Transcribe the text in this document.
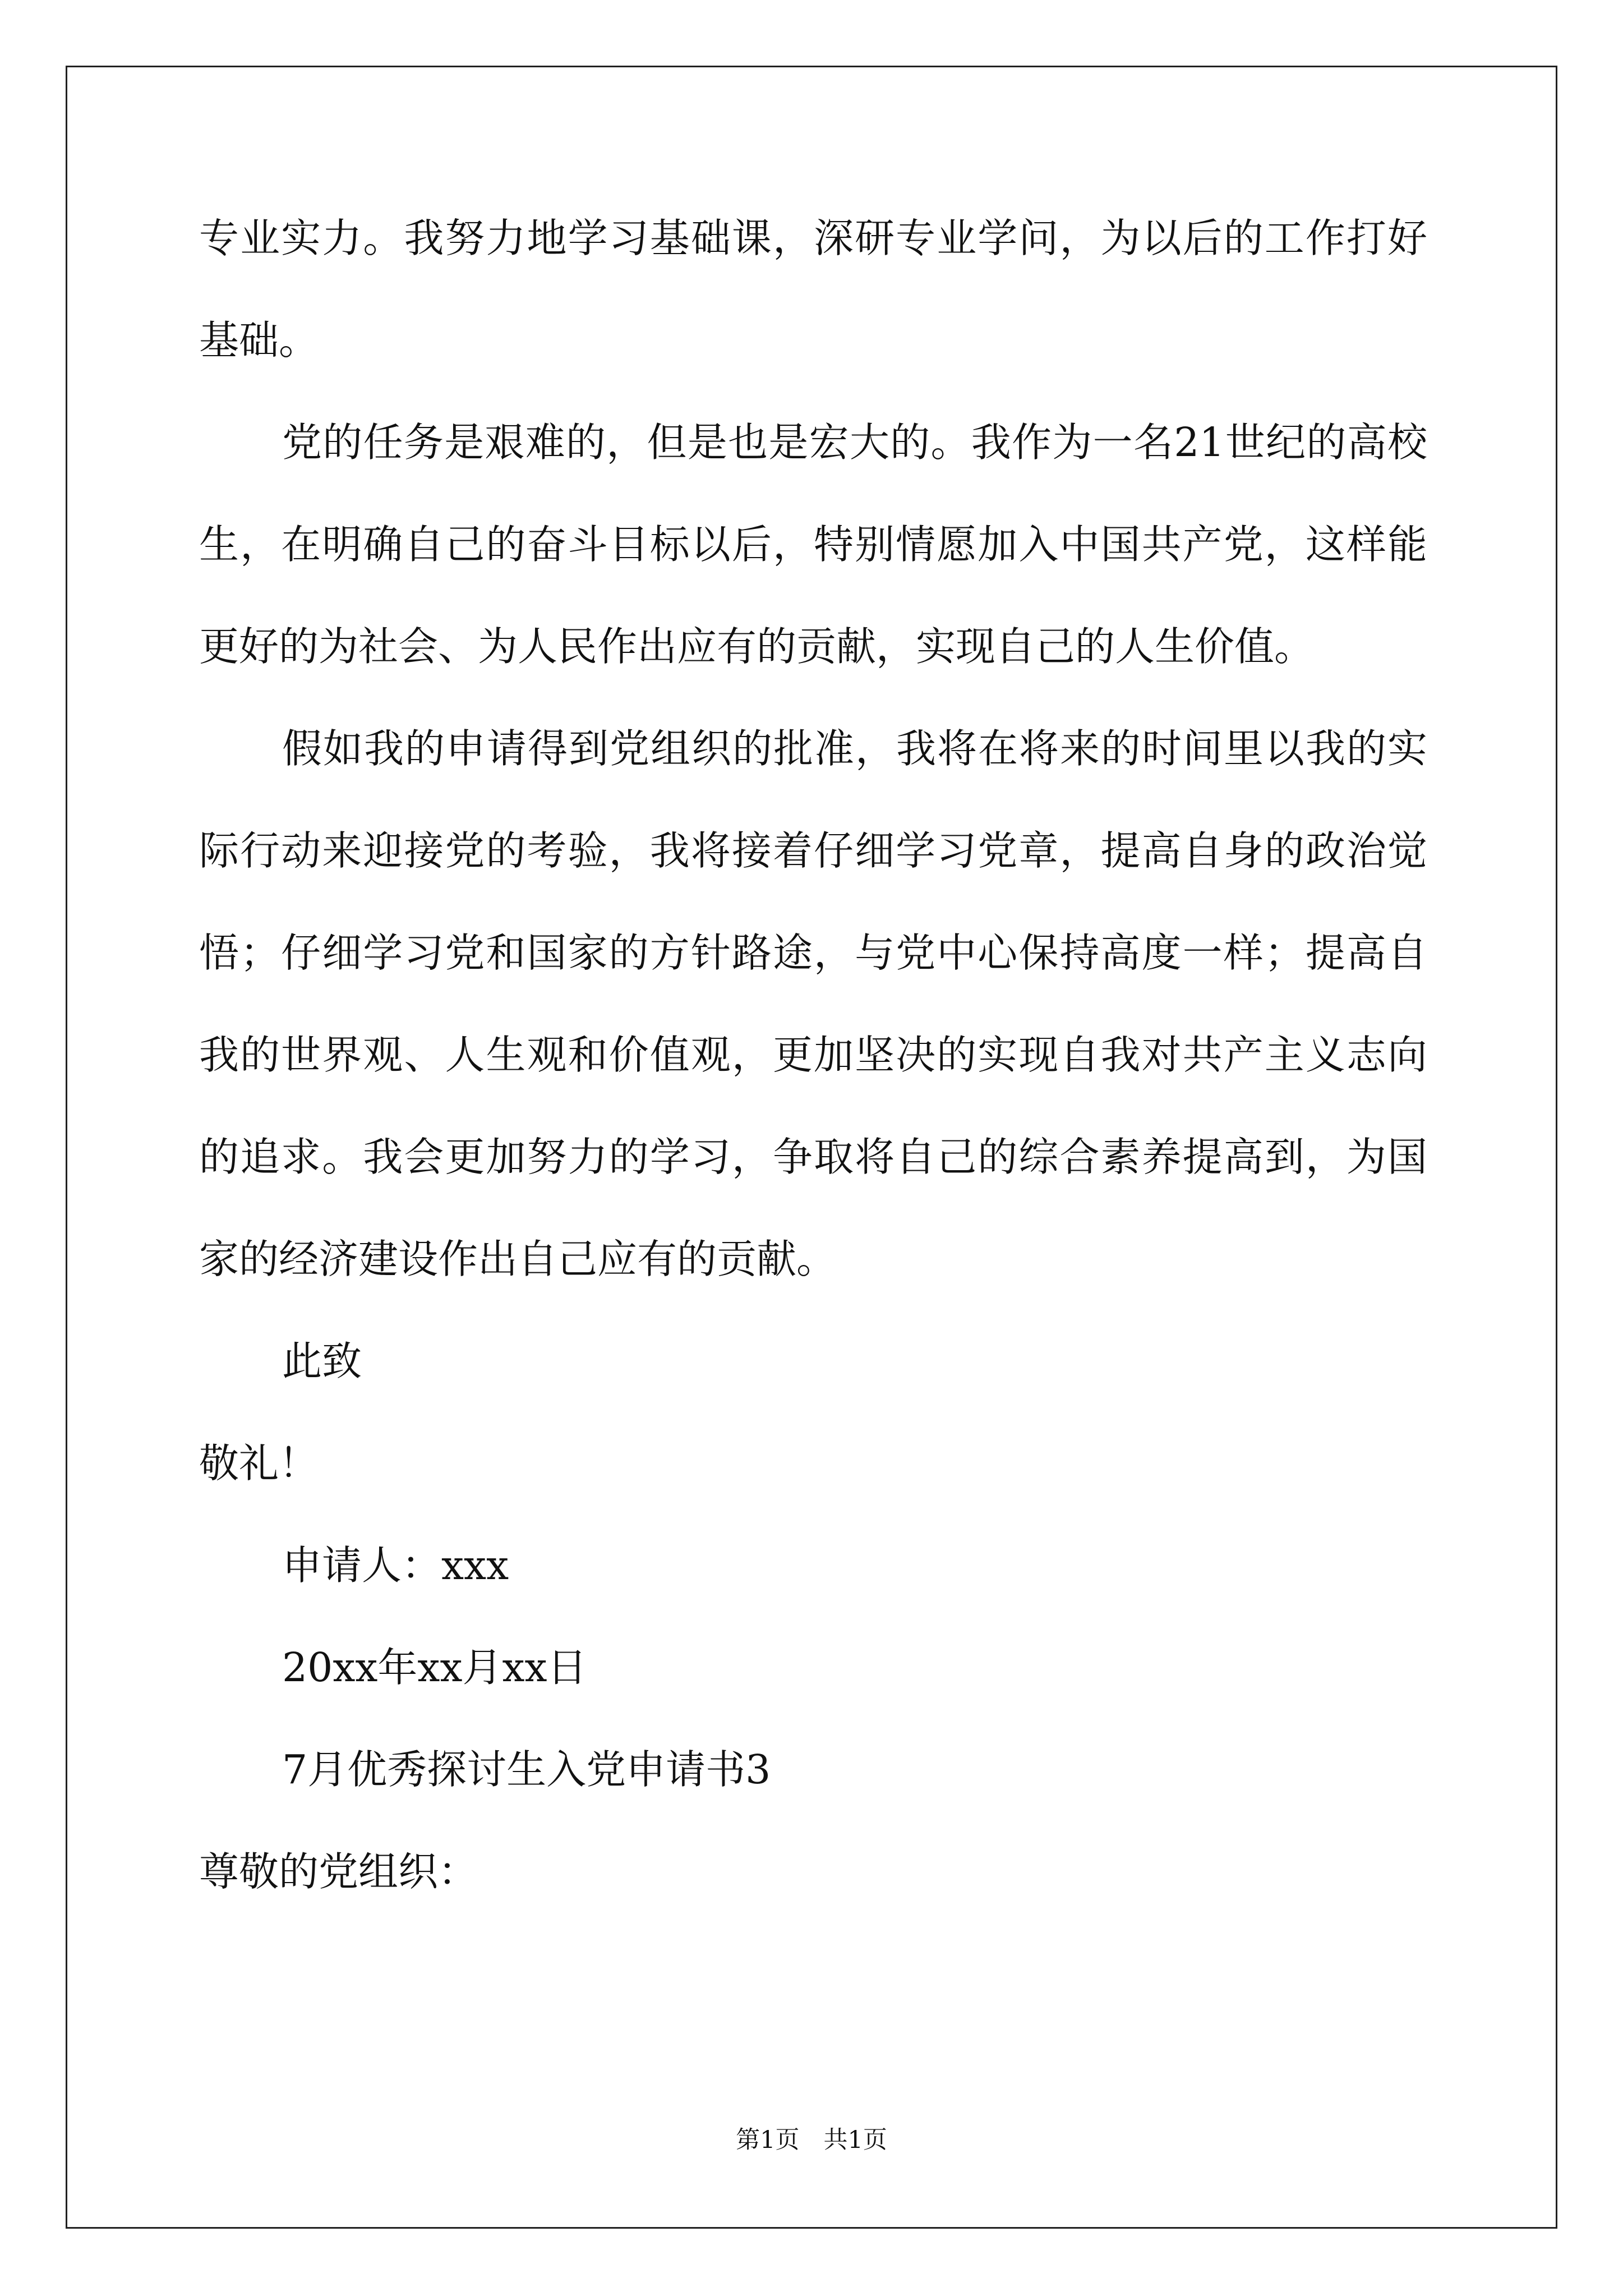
专业实力。我努力地学习基础课，深研专业学问，为以后的工作打好
基础。
党的任务是艰难的，但是也是宏大的。我作为一名21世纪的高校
生，在明确自己的奋斗目标以后，特别情愿加入中国共产党，这样能
更好的为社会、为人民作出应有的贡献，实现自己的人生价值。
假如我的申请得到党组织的批准，我将在将来的时间里以我的实
际行动来迎接党的考验，我将接着仔细学习党章，提高自身的政治觉
悟；仔细学习党和国家的方针路途，与党中心保持高度一样；提高自
我的世界观、人生观和价值观，更加坚决的实现自我对共产主义志向
的追求。我会更加努力的学习，争取将自己的综合素养提高到，为国
家的经济建设作出自己应有的贡献。
此致
敬礼！
申请人：xxx
20xx年xx月xx日
7月优秀探讨生入党申请书3
尊敬的党组织：
第1页　共1页
